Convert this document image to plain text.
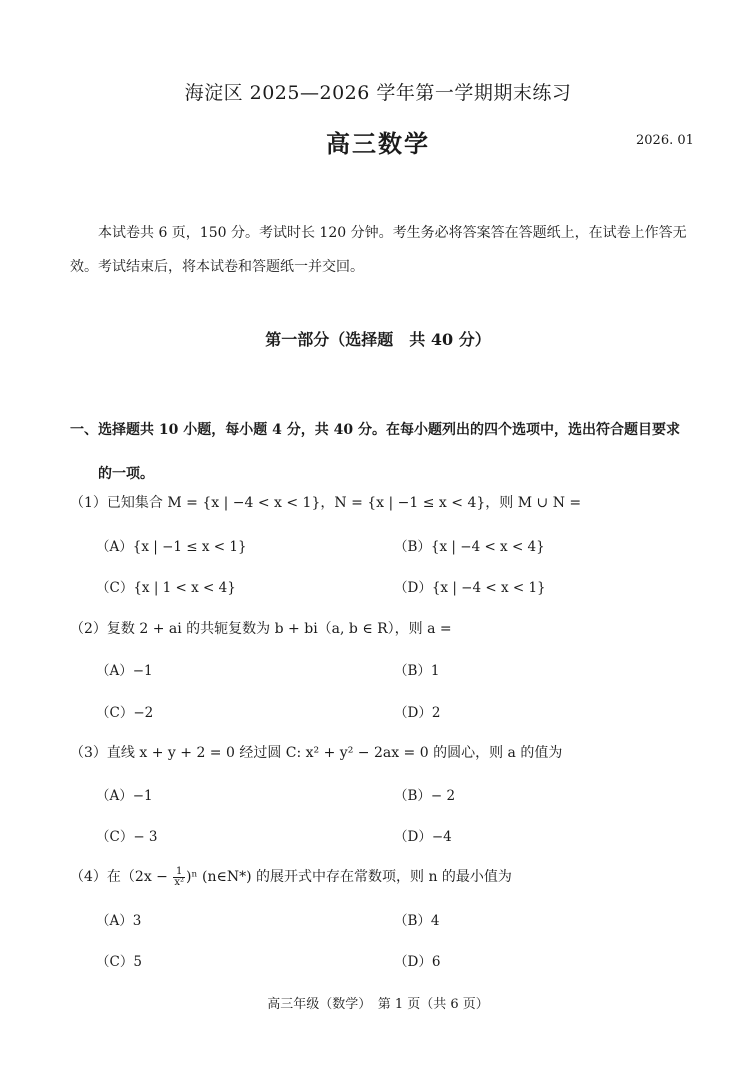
海淀区 2025—2026 学年第一学期期末练习
高三数学	2026. 01
本试卷共 6 页，150 分。考试时长 120 分钟。考生务必将答案答在答题纸上，在试卷上作答无效。考试结束后，将本试卷和答题纸一并交回。
第一部分（选择题　共 40 分）
一、选择题共 10 小题，每小题 4 分，共 40 分。在每小题列出的四个选项中，选出符合题目要求
的一项。
（1）已知集合 M = {x | −4 < x < 1}，N = {x | −1 ≤ x < 4}，则 M ∪ N =
（A）{x | −1 ≤ x < 1}	（B）{x | −4 < x < 4}
（C）{x | 1 < x < 4}	（D）{x | −4 < x < 1}
（2）复数 2 + ai 的共轭复数为 b + bi（a, b ∈ R），则 a =
（A）−1	（B）1
（C）−2	（D）2
（3）直线 x + y + 2 = 0 经过圆 C: x² + y² − 2ax = 0 的圆心，则 a 的值为
（A）−1	（B）− 2
（C）− 3	（D）−4
（4）在$(2x - \frac{1}{\text{x²}} )^n$ (n∈N*) 的展开式中存在常数项，则 n 的最小值为
（A）3	（B）4
（C）5	（D）6
高三年级（数学）　第 1 页（共 6 页）
